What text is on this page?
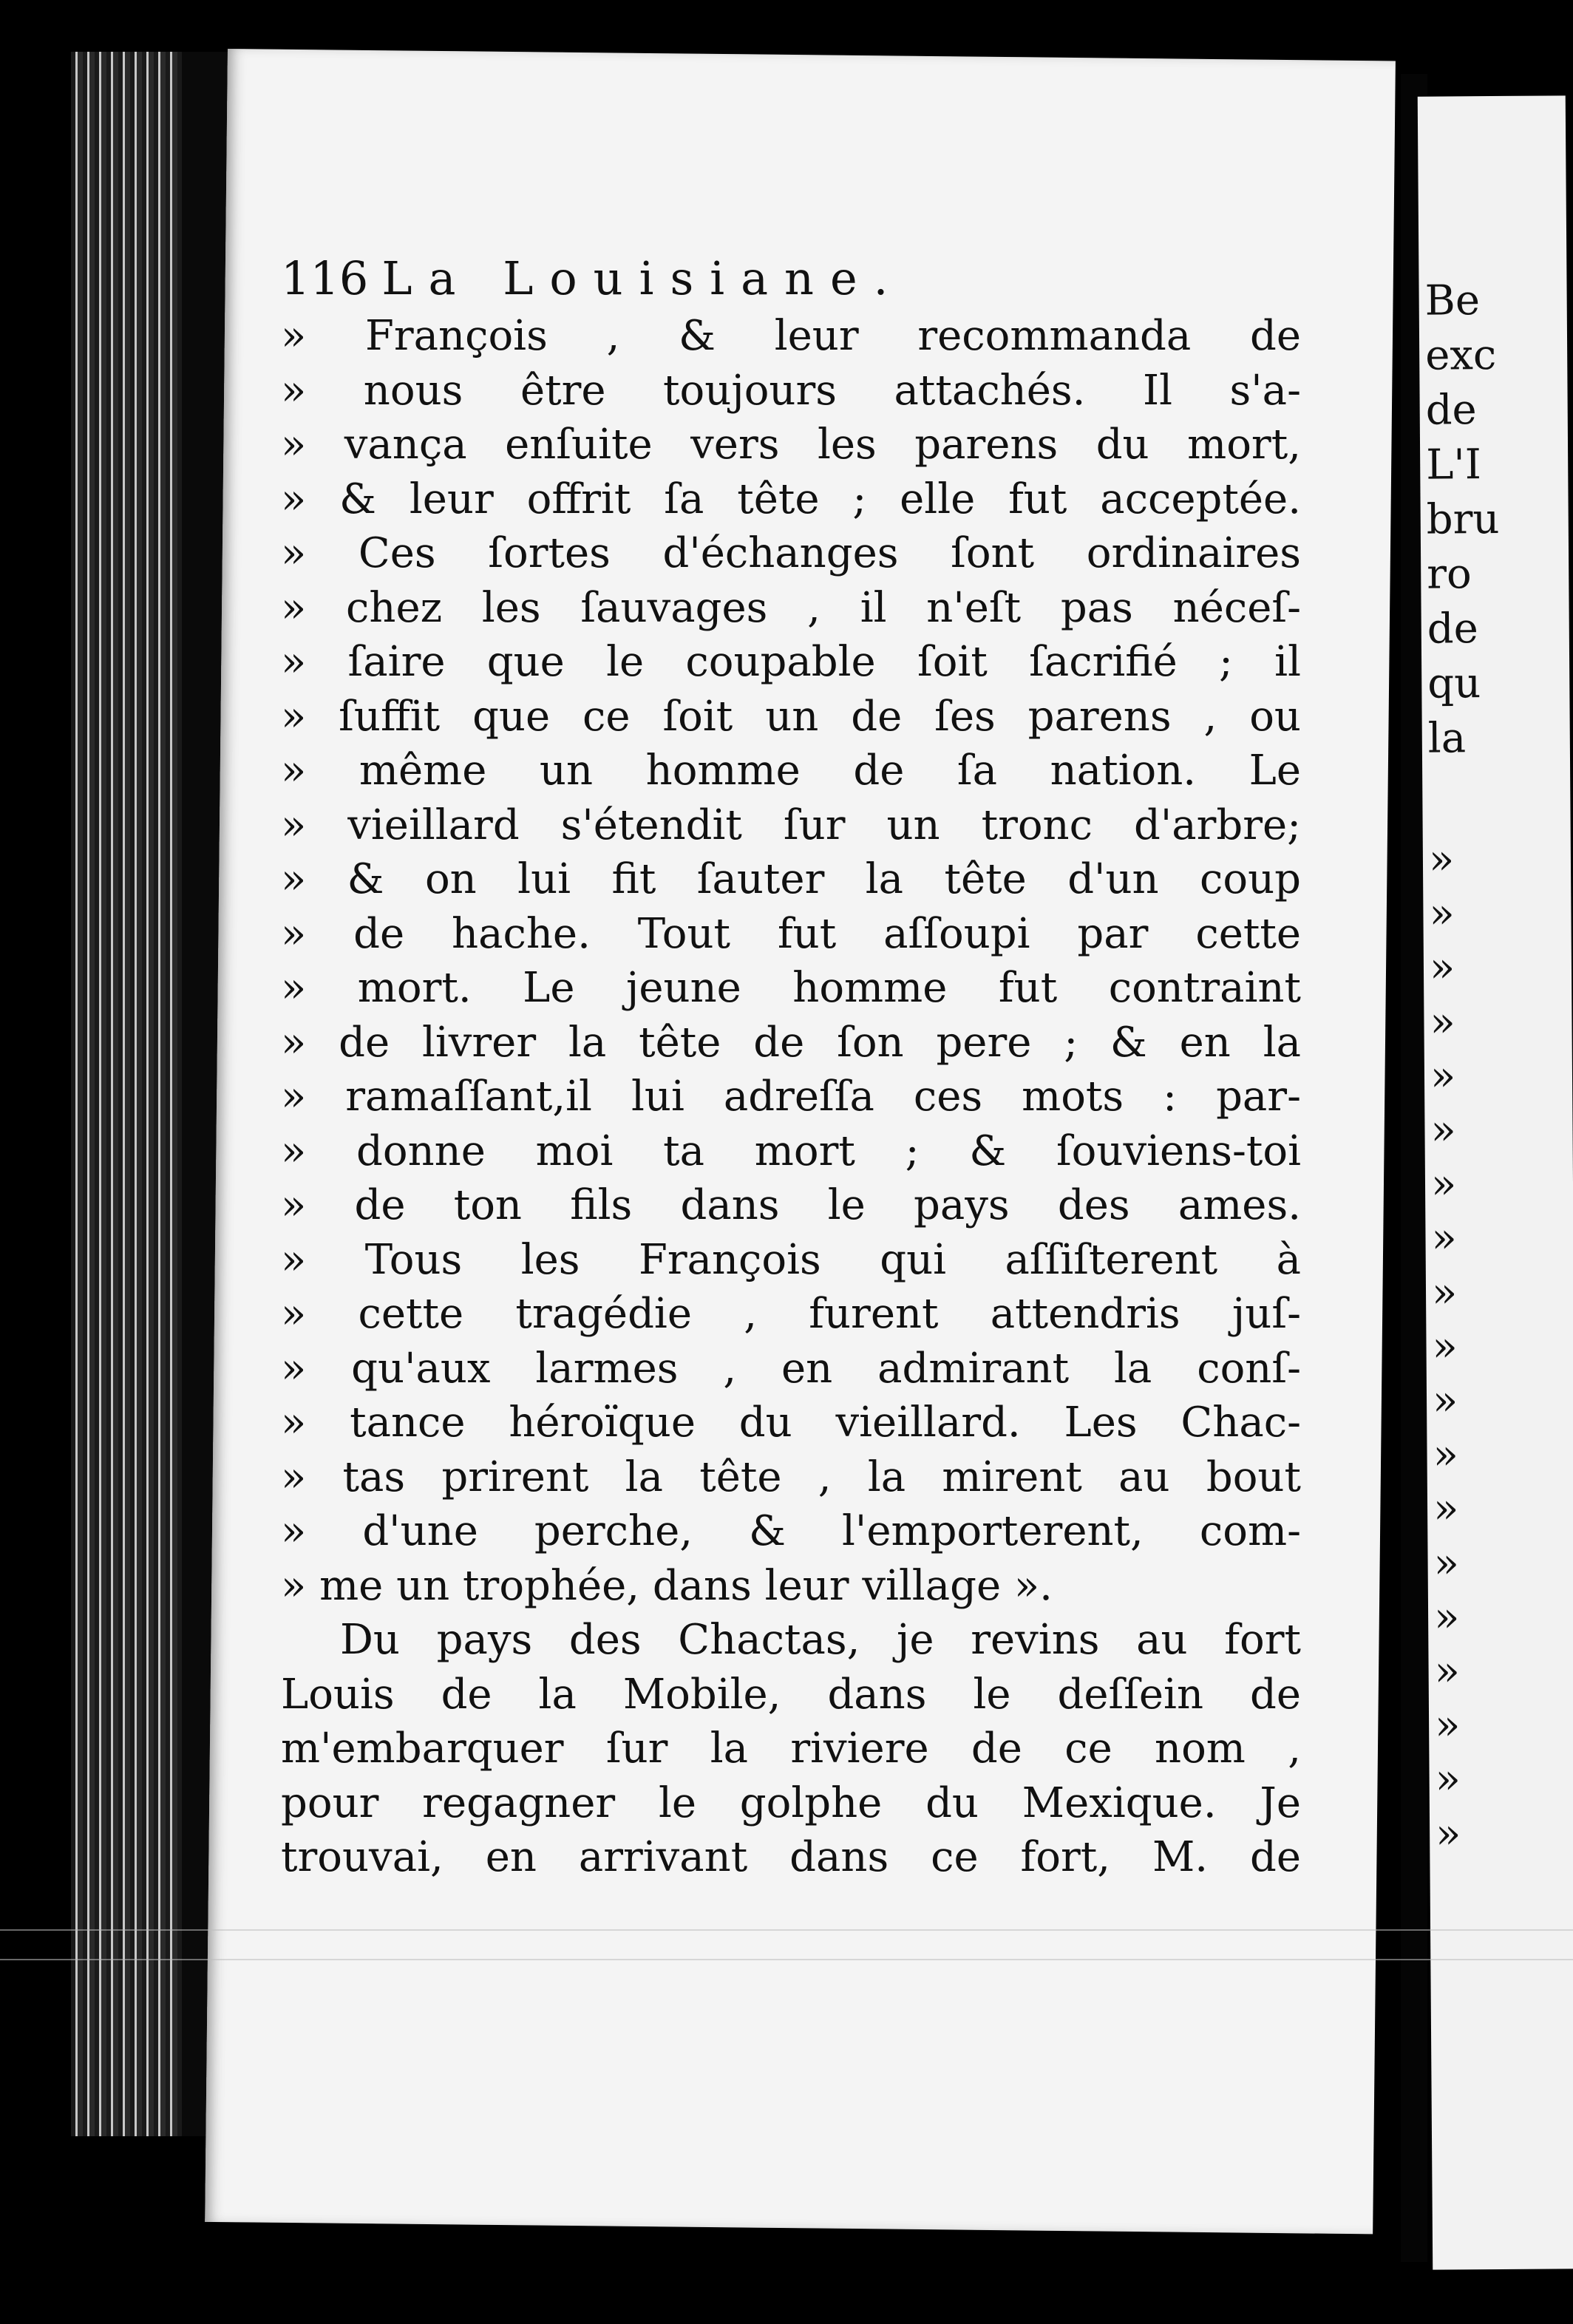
116 La Louisiane.
» François , & leur recommanda de
» nous être toujours attachés. Il s'a-
» vança enſuite vers les parens du mort,
» & leur offrit ſa tête ; elle fut acceptée.
» Ces ſortes d'échanges ſont ordinaires
» chez les ſauvages , il n'eſt pas néceſ-
» ſaire que le coupable ſoit ſacrifié ; il
» ſuffit que ce ſoit un de ſes parens , ou
» même un homme de ſa nation. Le
» vieillard s'étendit ſur un tronc d'arbre;
» & on lui fit ſauter la tête d'un coup
» de hache. Tout fut aſſoupi par cette
» mort. Le jeune homme fut contraint
» de livrer la tête de ſon pere ; & en la
» ramaſſant,il lui adreſſa ces mots : par-
» donne moi ta mort ; & ſouviens-toi
» de ton fils dans le pays des ames.
» Tous les François qui aſſiſterent à
» cette tragédie , furent attendris juſ-
» qu'aux larmes , en admirant la conſ-
» tance héroïque du vieillard. Les Chac-
» tas prirent la tête , la mirent au bout
» d'une perche, & l'emporterent, com-
» me un trophée, dans leur village ».
Du pays des Chactas, je revins au fort
Louis de la Mobile, dans le deſſein de
m'embarquer ſur la riviere de ce nom ,
pour regagner le golphe du Mexique. Je
trouvai, en arrivant dans ce fort, M. de
Be
exc
de
L'I
bru
ro
de
qu
la
»
»
»
»
»
»
»
»
»
»
»
»
»
»
»
»
»
»
»
